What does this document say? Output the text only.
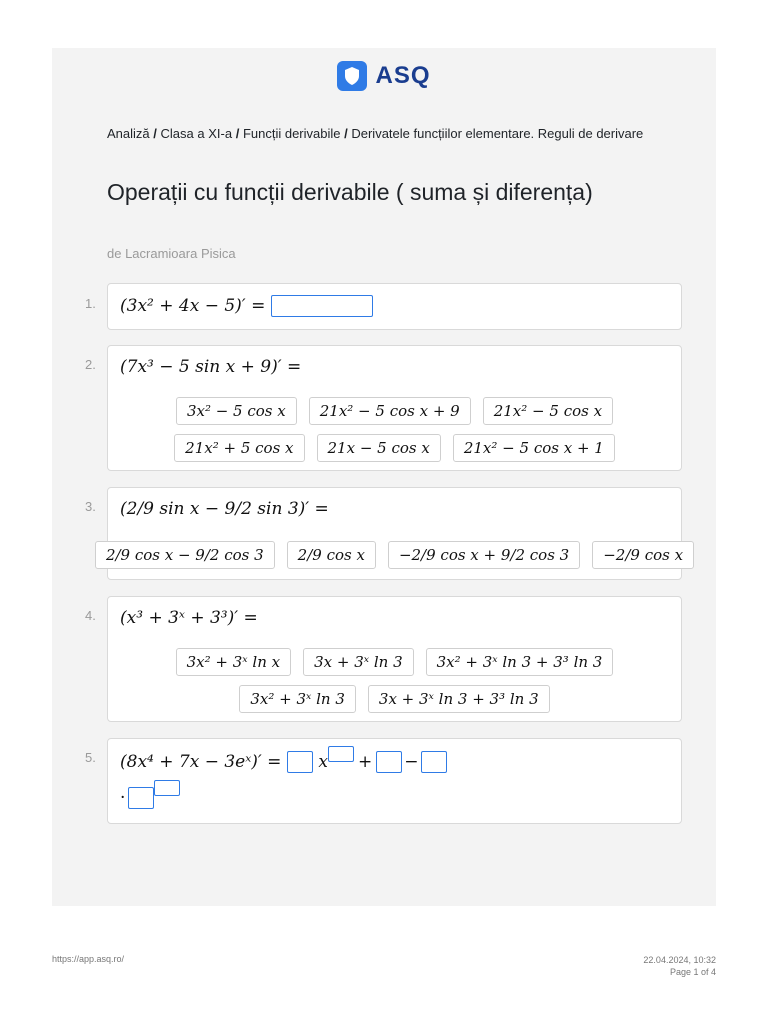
ASQ
Analiză / Clasa a XI-a / Funcții derivabile / Derivatele funcțiilor elementare. Reguli de derivare
Operații cu funcții derivabile ( suma și diferența)
de Lacramioara Pisica
1. (3x² + 4x − 5)′ =
2. (7x³ − 5 sin x + 9)′ =
3x² − 5 cos x	21x² − 5 cos x + 9	21x² − 5 cos x
21x² + 5 cos x	21x − 5 cos x	21x² − 5 cos x + 1
3. (2/9 sin x − 9/2 sin 3)′ =
2/9 cos x − 9/2 cos 3	2/9 cos x	−2/9 cos x + 9/2 cos 3	−2/9 cos x
4. (x³ + 3ˣ + 3³)′ =
3x² + 3ˣ ln x	3x + 3ˣ ln 3	3x² + 3ˣ ln 3 + 3³ ln 3
3x² + 3ˣ ln 3	3x + 3ˣ ln 3 + 3³ ln 3
5. (8x⁴ + 7x − 3eˣ)′ = x + −
·
https://app.asq.ro/	22.04.2024, 10:32
Page 1 of 4
